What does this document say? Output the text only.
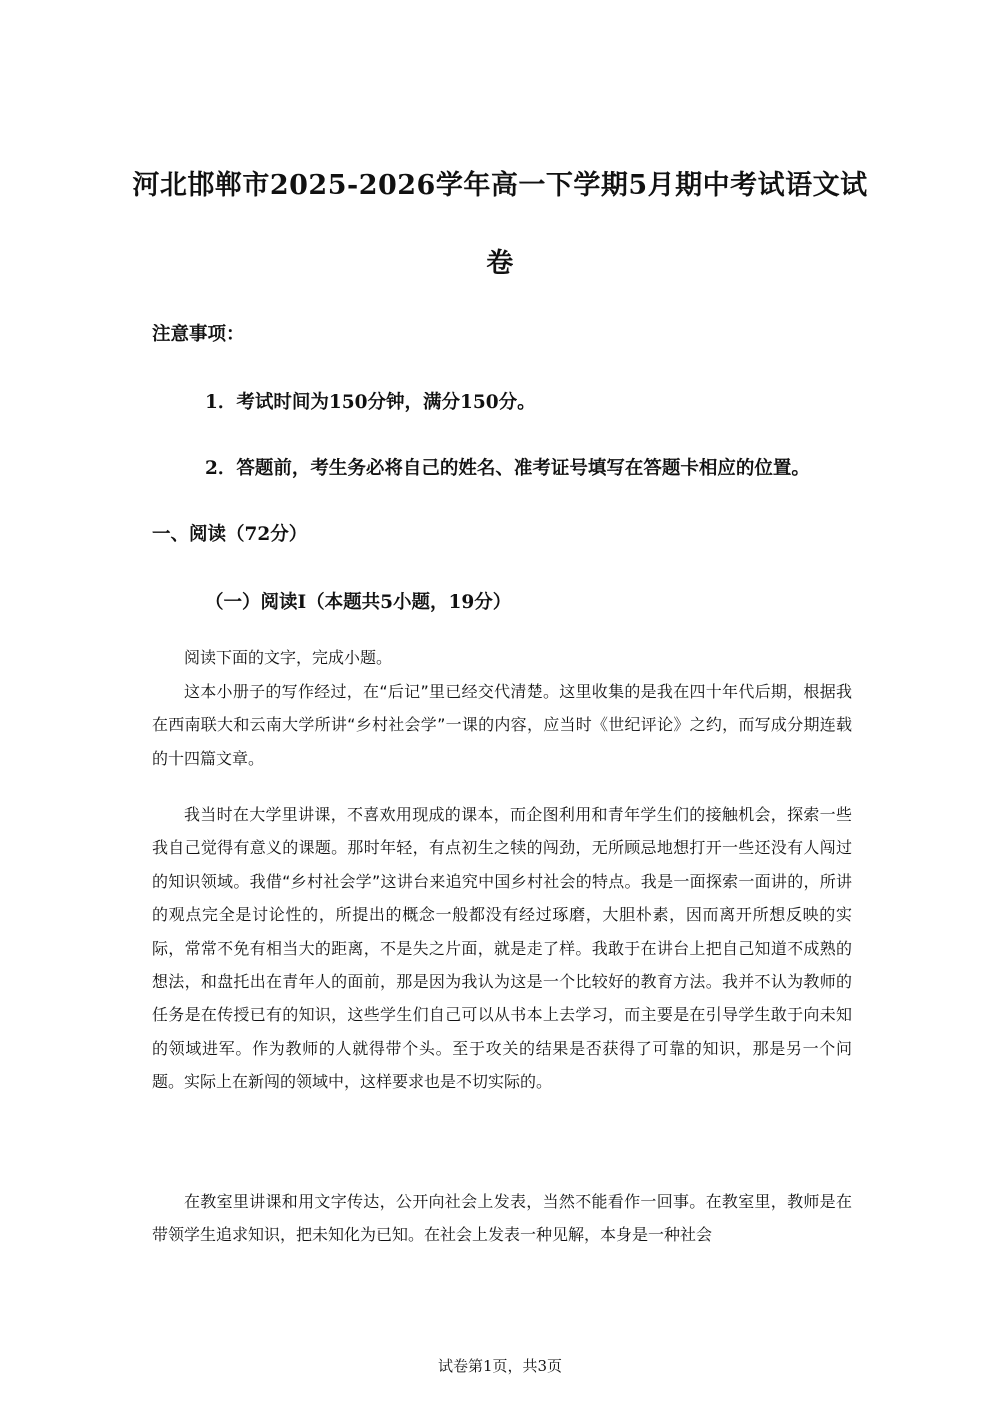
河北邯郸市2025-2026学年高一下学期5月期中考试语文试
卷
注意事项：
1．考试时间为150分钟，满分150分。
2．答题前，考生务必将自己的姓名、准考证号填写在答题卡相应的位置。
一、阅读（72分）
（一）阅读Ⅰ（本题共5小题，19分）

阅读下面的文字，完成小题。

这本小册子的写作经过，在“后记”里已经交代清楚。这里收集的是我在四十年代后期，根据我在西南联大和云南大学所讲“乡村社会学”一课的内容，应当时《世纪评论》之约，而写成分期连载的十四篇文章。

我当时在大学里讲课，不喜欢用现成的课本，而企图利用和青年学生们的接触机会，探索一些我自己觉得有意义的课题。那时年轻，有点初生之犊的闯劲，无所顾忌地想打开一些还没有人闯过的知识领域。我借“乡村社会学”这讲台来追究中国乡村社会的特点。我是一面探索一面讲的，所讲的观点完全是讨论性的，所提出的概念一般都没有经过琢磨，大胆朴素，因而离开所想反映的实际，常常不免有相当大的距离，不是失之片面，就是走了样。我敢于在讲台上把自己知道不成熟的想法，和盘托出在青年人的面前，那是因为我认为这是一个比较好的教育方法。我并不认为教师的任务是在传授已有的知识，这些学生们自己可以从书本上去学习，而主要是在引导学生敢于向未知的领域进军。作为教师的人就得带个头。至于攻关的结果是否获得了可靠的知识，那是另一个问题。实际上在新闯的领域中，这样要求也是不切实际的。

在教室里讲课和用文字传达，公开向社会上发表，当然不能看作一回事。在教室里，教师是在带领学生追求知识，把未知化为已知。在社会上发表一种见解，本身是一种社会

试卷第1页，共3页
